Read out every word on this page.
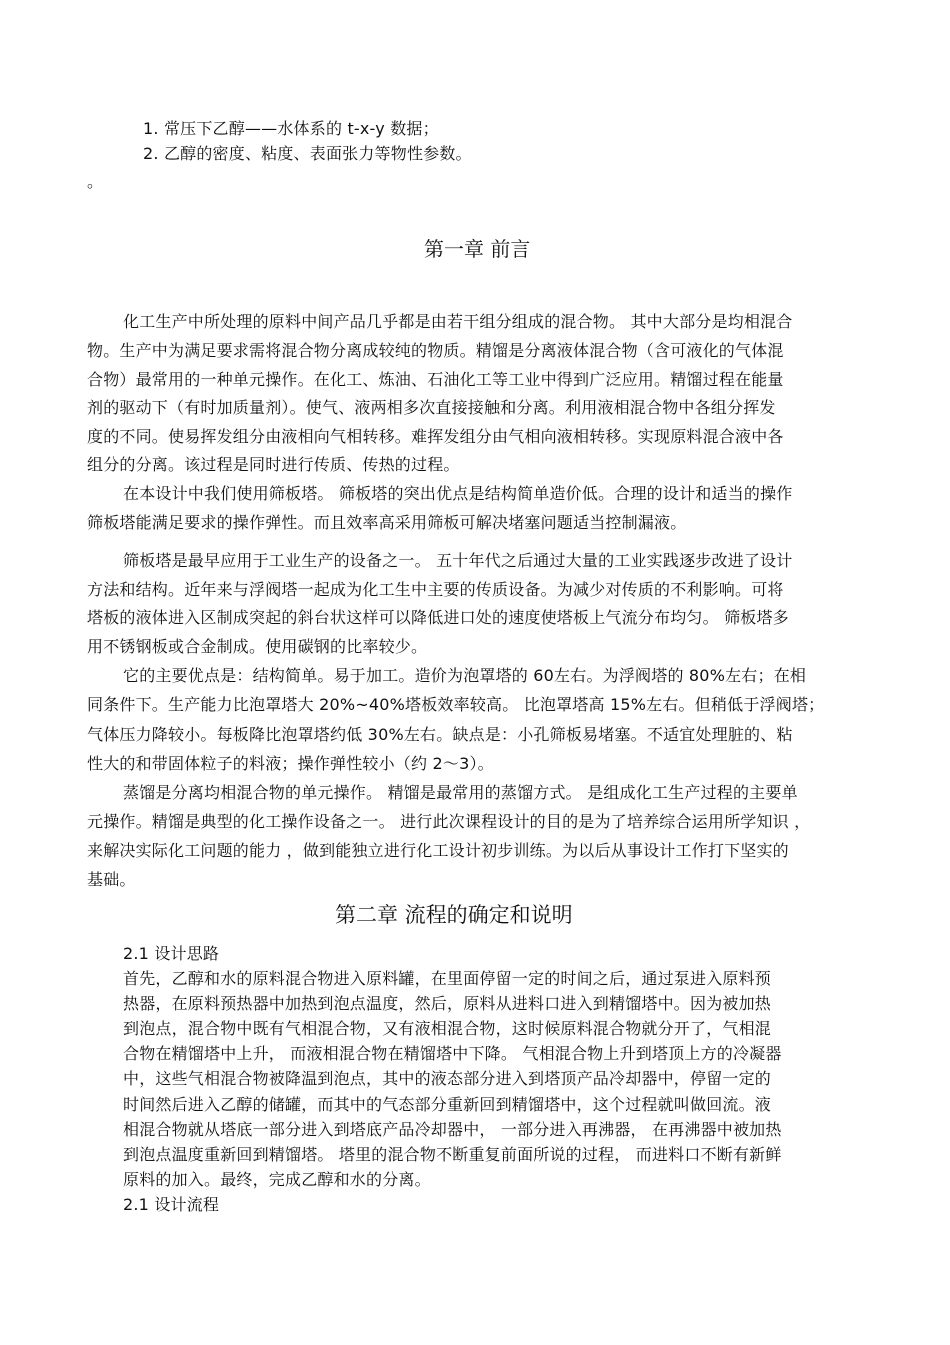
1. 常压下乙醇——水体系的 t-x-y 数据；
2. 乙醇的密度、粘度、表面张力等物性参数。
。
第一章 前言
化工生产中所处理的原料中间产品几乎都是由若干组分组成的混合物。 其中大部分是均相混合
物。生产中为满足要求需将混合物分离成较纯的物质。精馏是分离液体混合物（含可液化的气体混
合物）最常用的一种单元操作。在化工、炼油、石油化工等工业中得到广泛应用。精馏过程在能量
剂的驱动下（有时加质量剂）。使气、液两相多次直接接触和分离。利用液相混合物中各组分挥发
度的不同。使易挥发组分由液相向气相转移。难挥发组分由气相向液相转移。实现原料混合液中各
组分的分离。该过程是同时进行传质、传热的过程。
在本设计中我们使用筛板塔。 筛板塔的突出优点是结构简单造价低。合理的设计和适当的操作
筛板塔能满足要求的操作弹性。而且效率高采用筛板可解决堵塞问题适当控制漏液。
筛板塔是最早应用于工业生产的设备之一。 五十年代之后通过大量的工业实践逐步改进了设计
方法和结构。近年来与浮阀塔一起成为化工生中主要的传质设备。为减少对传质的不利影响。可将
塔板的液体进入区制成突起的斜台状这样可以降低进口处的速度使塔板上气流分布均匀。 筛板塔多
用不锈钢板或合金制成。使用碳钢的比率较少。
它的主要优点是：结构简单。易于加工。造价为泡罩塔的 60左右。为浮阀塔的 80%左右；在相
同条件下。生产能力比泡罩塔大 20%~40%塔板效率较高。 比泡罩塔高 15%左右。但稍低于浮阀塔；
气体压力降较小。每板降比泡罩塔约低 30%左右。缺点是：小孔筛板易堵塞。不适宜处理脏的、粘
性大的和带固体粒子的料液；操作弹性较小（约 2～3）。
蒸馏是分离均相混合物的单元操作。 精馏是最常用的蒸馏方式。 是组成化工生产过程的主要单
元操作。精馏是典型的化工操作设备之一。 进行此次课程设计的目的是为了培养综合运用所学知识 ，
来解决实际化工问题的能力 ，做到能独立进行化工设计初步训练。为以后从事设计工作打下坚实的
基础。
第二章 流程的确定和说明
2.1 设计思路
首先，乙醇和水的原料混合物进入原料罐，在里面停留一定的时间之后，通过泵进入原料预
热器，在原料预热器中加热到泡点温度，然后，原料从进料口进入到精馏塔中。因为被加热
到泡点，混合物中既有气相混合物，又有液相混合物，这时候原料混合物就分开了，气相混
合物在精馏塔中上升， 而液相混合物在精馏塔中下降。 气相混合物上升到塔顶上方的冷凝器
中，这些气相混合物被降温到泡点，其中的液态部分进入到塔顶产品冷却器中，停留一定的
时间然后进入乙醇的储罐，而其中的气态部分重新回到精馏塔中，这个过程就叫做回流。液
相混合物就从塔底一部分进入到塔底产品冷却器中， 一部分进入再沸器， 在再沸器中被加热
到泡点温度重新回到精馏塔。 塔里的混合物不断重复前面所说的过程， 而进料口不断有新鲜
原料的加入。最终，完成乙醇和水的分离。
2.1 设计流程
